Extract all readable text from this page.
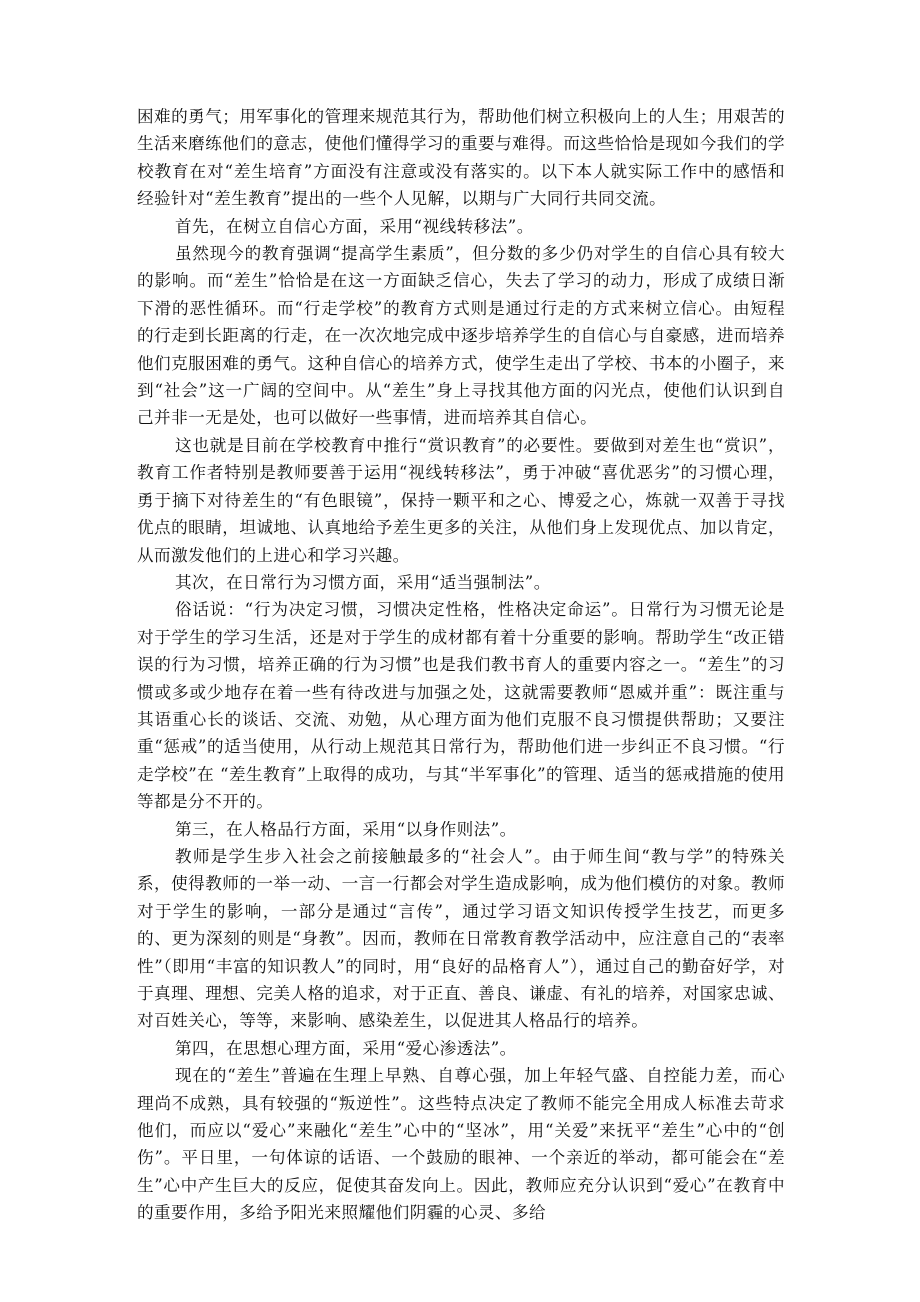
困难的勇气；用军事化的管理来规范其行为，帮助他们树立积极向上的人生；用艰苦的生活来磨练他们的意志，使他们懂得学习的重要与难得。而这些恰恰是现如今我们的学校教育在对“差生培育”方面没有注意或没有落实的。以下本人就实际工作中的感悟和经验针对“差生教育”提出的一些个人见解，以期与广大同行共同交流。

首先，在树立自信心方面，采用“视线转移法”。

虽然现今的教育强调“提高学生素质”，但分数的多少仍对学生的自信心具有较大的影响。而“差生”恰恰是在这一方面缺乏信心，失去了学习的动力，形成了成绩日渐下滑的恶性循环。而“行走学校”的教育方式则是通过行走的方式来树立信心。由短程的行走到长距离的行走，在一次次地完成中逐步培养学生的自信心与自豪感，进而培养他们克服困难的勇气。这种自信心的培养方式，使学生走出了学校、书本的小圈子，来到“社会”这一广阔的空间中。从“差生”身上寻找其他方面的闪光点，使他们认识到自己并非一无是处，也可以做好一些事情，进而培养其自信心。

这也就是目前在学校教育中推行“赏识教育”的必要性。要做到对差生也“赏识”，教育工作者特别是教师要善于运用“视线转移法”，勇于冲破“喜优恶劣”的习惯心理，勇于摘下对待差生的“有色眼镜”，保持一颗平和之心、博爱之心，炼就一双善于寻找优点的眼睛，坦诚地、认真地给予差生更多的关注，从他们身上发现优点、加以肯定，从而激发他们的上进心和学习兴趣。

其次，在日常行为习惯方面，采用“适当强制法”。

俗话说：“行为决定习惯，习惯决定性格，性格决定命运”。日常行为习惯无论是对于学生的学习生活，还是对于学生的成材都有着十分重要的影响。帮助学生“改正错误的行为习惯，培养正确的行为习惯”也是我们教书育人的重要内容之一。“差生”的习惯或多或少地存在着一些有待改进与加强之处，这就需要教师“恩威并重”：既注重与其语重心长的谈话、交流、劝勉，从心理方面为他们克服不良习惯提供帮助；又要注重“惩戒”的适当使用，从行动上规范其日常行为，帮助他们进一步纠正不良习惯。“行走学校”在 “差生教育”上取得的成功，与其“半军事化”的管理、适当的惩戒措施的使用等都是分不开的。

第三，在人格品行方面，采用“以身作则法”。

教师是学生步入社会之前接触最多的“社会人”。由于师生间“教与学”的特殊关系，使得教师的一举一动、一言一行都会对学生造成影响，成为他们模仿的对象。教师对于学生的影响，一部分是通过“言传”，通过学习语文知识传授学生技艺，而更多的、更为深刻的则是“身教”。因而，教师在日常教育教学活动中，应注意自己的“表率性”（即用“丰富的知识教人”的同时，用“良好的品格育人”），通过自己的勤奋好学，对于真理、理想、完美人格的追求，对于正直、善良、谦虚、有礼的培养，对国家忠诚、对百姓关心，等等，来影响、感染差生，以促进其人格品行的培养。

第四，在思想心理方面，采用“爱心渗透法”。

现在的“差生”普遍在生理上早熟、自尊心强，加上年轻气盛、自控能力差，而心理尚不成熟，具有较强的“叛逆性”。这些特点决定了教师不能完全用成人标准去苛求他们，而应以“爱心”来融化“差生”心中的“坚冰”，用“关爱”来抚平“差生”心中的“创伤”。平日里，一句体谅的话语、一个鼓励的眼神、一个亲近的举动，都可能会在“差生”心中产生巨大的反应，促使其奋发向上。因此，教师应充分认识到“爱心”在教育中的重要作用，多给予阳光来照耀他们阴霾的心灵、多给
